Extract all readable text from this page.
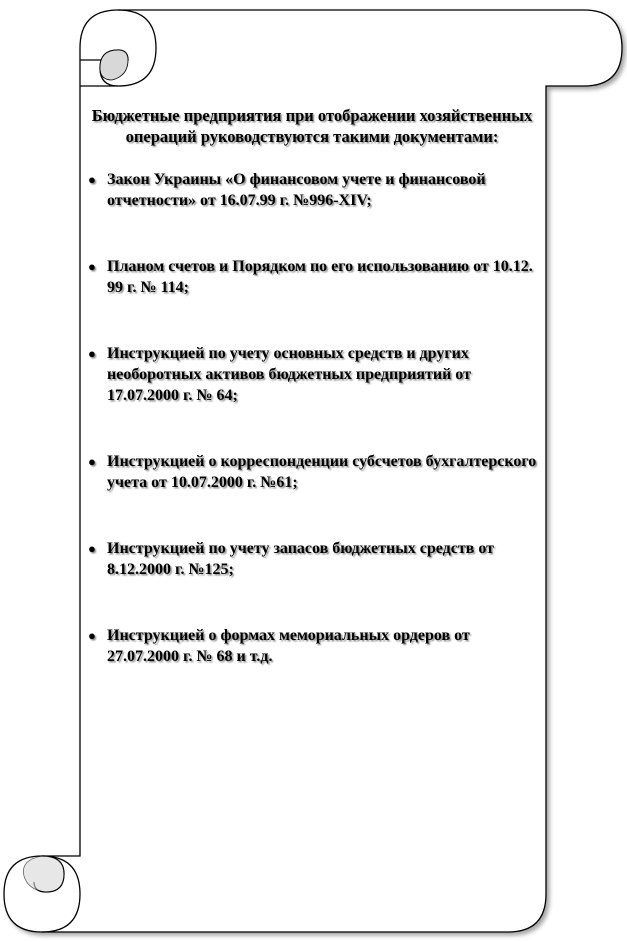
Бюджетные предприятия при отображении хозяйственных операций руководствуются такими документами:
● Закон Украины «О финансовом учете и финансовой отчетности» от 16.07.99 г. №996-XIV;
● Планом счетов и Порядком по его использованию от 10.12. 99 г. № 114;
● Инструкцией по учету основных средств и других необоротных активов бюджетных предприятий от 17.07.2000 г. № 64;
● Инструкцией о корреспонденции субсчетов бухгалтерского учета от 10.07.2000 г. №61;
● Инструкцией по учету запасов бюджетных средств от 8.12.2000 г. №125;
● Инструкцией о формах мемориальных ордеров от 27.07.2000 г. № 68 и т.д.
